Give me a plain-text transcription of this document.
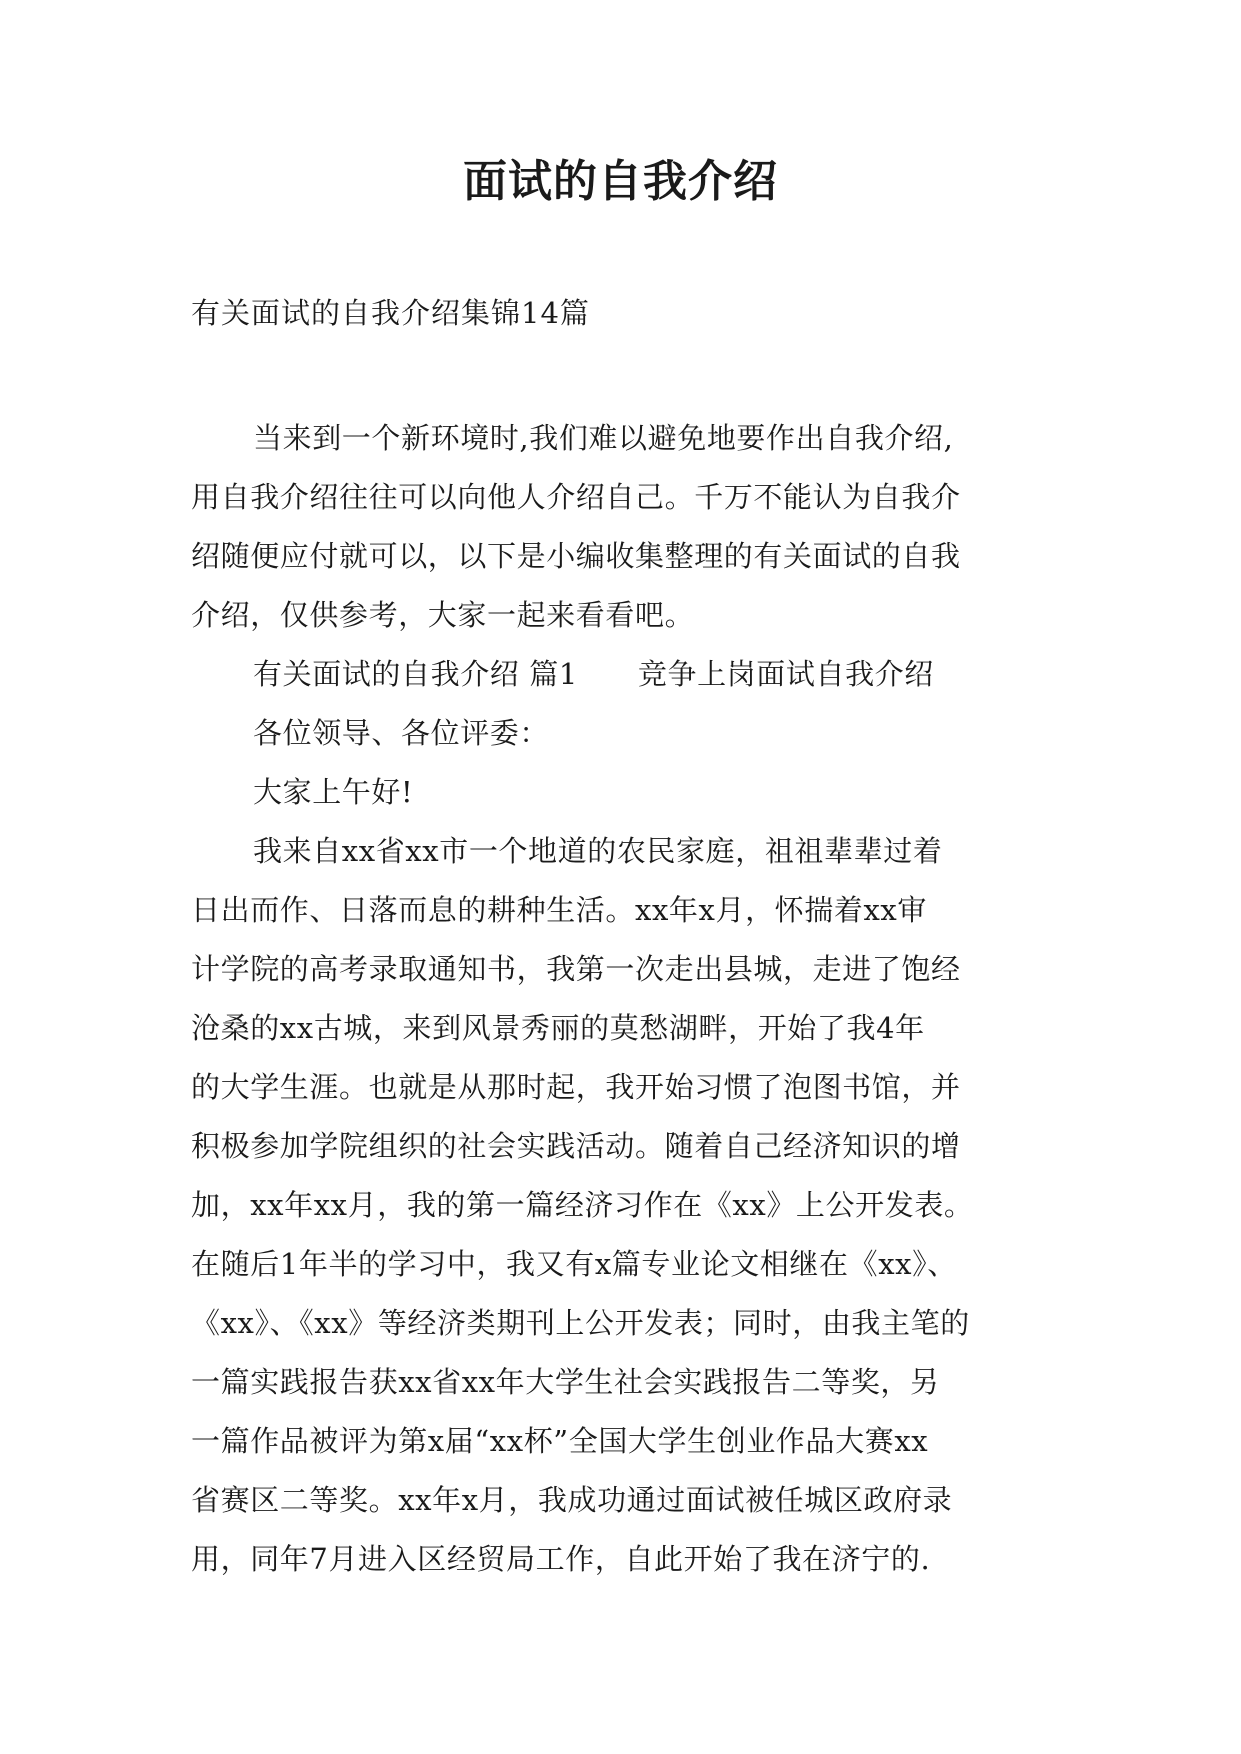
面试的自我介绍
有关面试的自我介绍集锦14篇
当来到一个新环境时,我们难以避免地要作出自我介绍,
用自我介绍往往可以向他人介绍自己。千万不能认为自我介
绍随便应付就可以，以下是小编收集整理的有关面试的自我
介绍，仅供参考，大家一起来看看吧。
有关面试的自我介绍 篇1 竞争上岗面试自我介绍
各位领导、各位评委：
大家上午好!
我来自xx省xx市一个地道的农民家庭，祖祖辈辈过着
日出而作、日落而息的耕种生活。xx年x月，怀揣着xx审
计学院的高考录取通知书，我第一次走出县城，走进了饱经
沧桑的xx古城，来到风景秀丽的莫愁湖畔，开始了我4年
的大学生涯。也就是从那时起，我开始习惯了泡图书馆，并
积极参加学院组织的社会实践活动。随着自己经济知识的增
加，xx年xx月，我的第一篇经济习作在《xx》上公开发表。
在随后1年半的学习中，我又有x篇专业论文相继在《xx》、
《xx》、《xx》等经济类期刊上公开发表；同时，由我主笔的
一篇实践报告获xx省xx年大学生社会实践报告二等奖，另
一篇作品被评为第x届“xx杯”全国大学生创业作品大赛xx
省赛区二等奖。xx年x月，我成功通过面试被任城区政府录
用，同年7月进入区经贸局工作，自此开始了我在济宁的.
